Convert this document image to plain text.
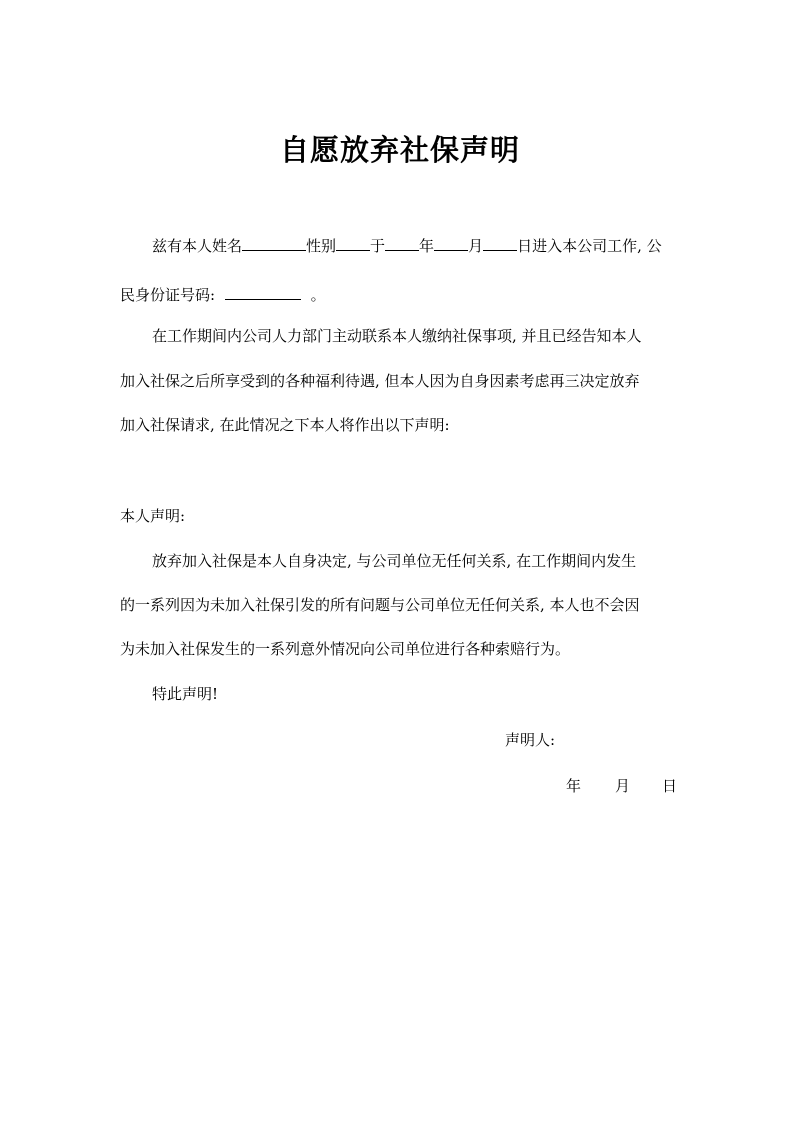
自愿放弃社保声明
兹有本人姓名	性别 于 年 月 日进入本公司工作, 公
民身份证号码:	。
在工作期间内公司人力部门主动联系本人缴纳社保事项, 并且已经告知本人
加入社保之后所享受到的各种福利待遇, 但本人因为自身因素考虑再三决定放弃
加入社保请求, 在此情况之下本人将作出以下声明:
本人声明:
放弃加入社保是本人自身决定, 与公司单位无任何关系, 在工作期间内发生
的一系列因为未加入社保引发的所有问题与公司单位无任何关系, 本人也不会因
为未加入社保发生的一系列意外情况向公司单位进行各种索赔行为。
特此声明!
声明人:
年 月 日
